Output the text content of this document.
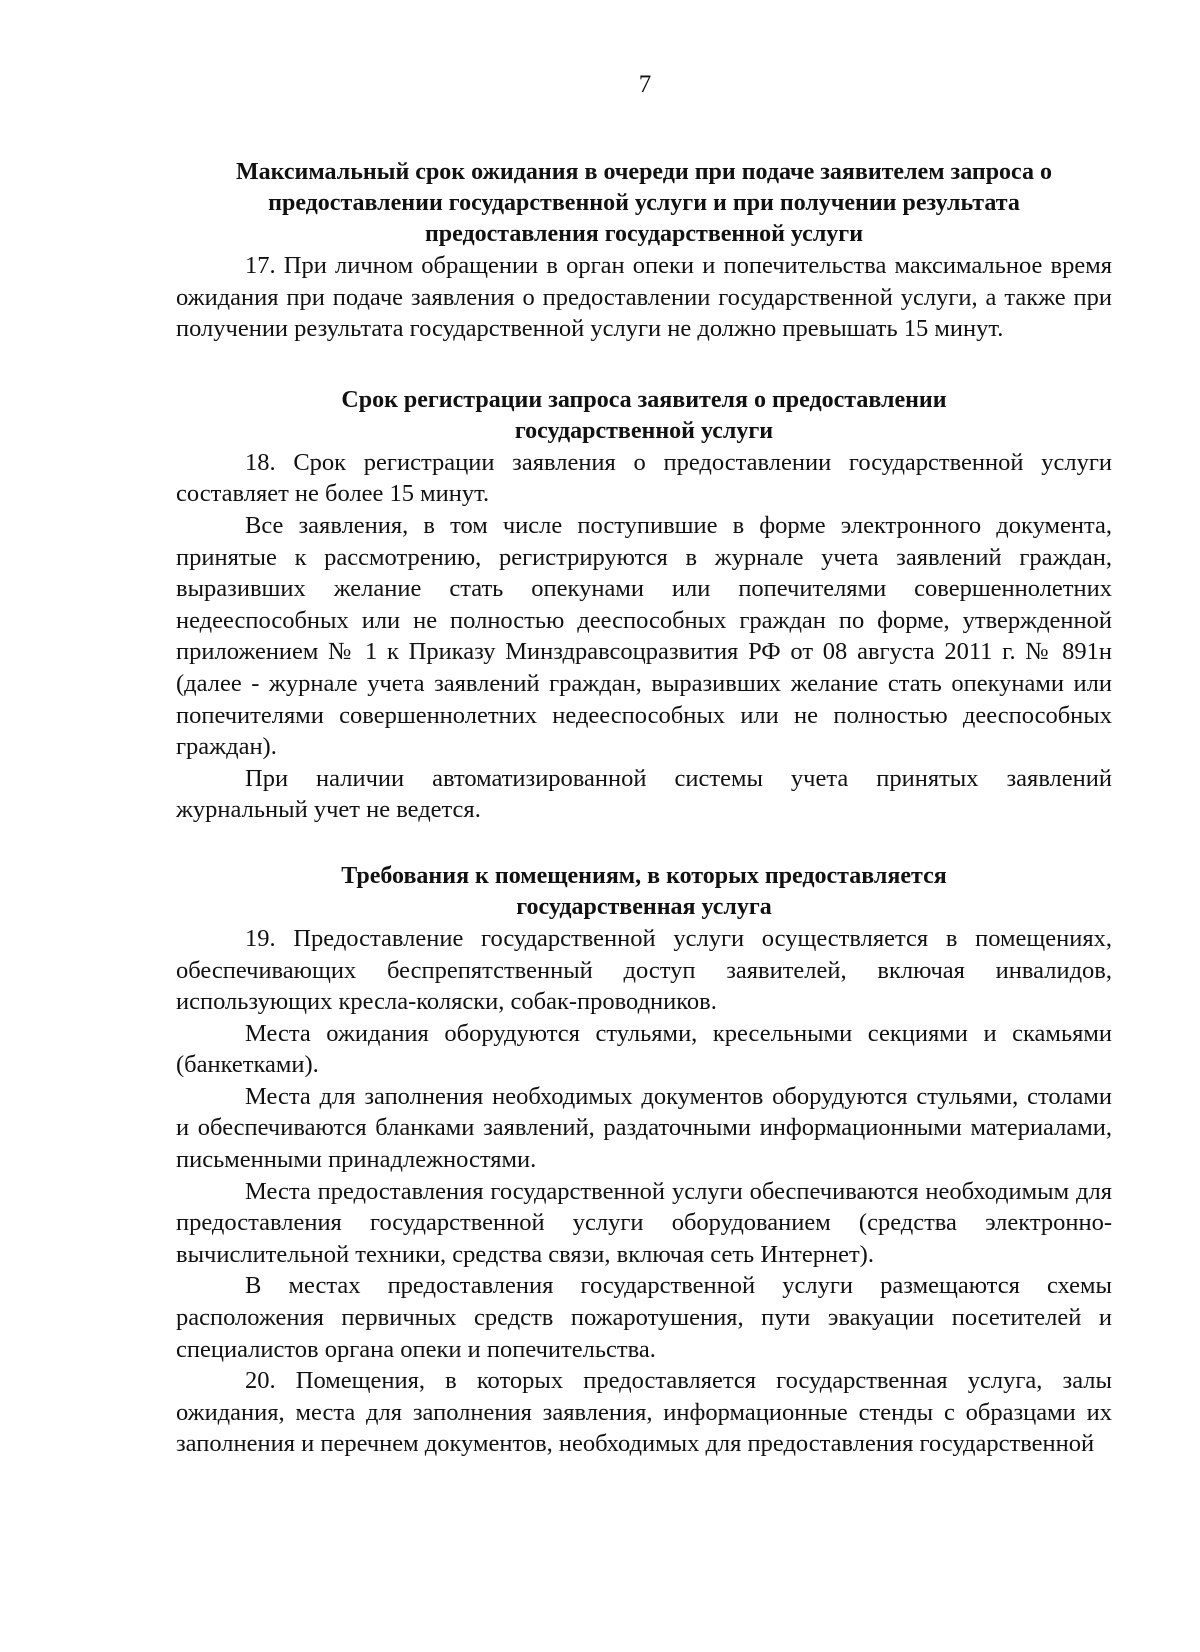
7
Максимальный срок ожидания в очереди при подаче заявителем запроса о
предоставлении государственной услуги и при получении результата
предоставления государственной услуги

17. При личном обращении в орган опеки и попечительства максимальное время ожидания при подаче заявления о предоставлении государственной услуги, а также при получении результата государственной услуги не должно превышать 15 минут.

Срок регистрации запроса заявителя о предоставлении
государственной услуги

18. Срок регистрации заявления о предоставлении государственной услуги составляет не более 15 минут.

Все заявления, в том числе поступившие в форме электронного документа, принятые к рассмотрению, регистрируются в журнале учета заявлений граждан, выразивших желание стать опекунами или попечителями совершеннолетних недееспособных или не полностью дееспособных граждан по форме, утвержденной приложением № 1 к Приказу Минздравсоцразвития РФ от 08 августа 2011 г. № 891н (далее - журнале учета заявлений граждан, выразивших желание стать опекунами или попечителями совершеннолетних недееспособных или не полностью дееспособных граждан).

При наличии автоматизированной системы учета принятых заявлений журнальный учет не ведется.

Требования к помещениям, в которых предоставляется
государственная услуга

19. Предоставление государственной услуги осуществляется в помещениях, обеспечивающих беспрепятственный доступ заявителей, включая инвалидов, использующих кресла-коляски, собак-проводников.

Места ожидания оборудуются стульями, кресельными секциями и скамьями (банкетками).

Места для заполнения необходимых документов оборудуются стульями, столами и обеспечиваются бланками заявлений, раздаточными информационными материалами, письменными принадлежностями.

Места предоставления государственной услуги обеспечиваются необходимым для предоставления государственной услуги оборудованием (средства электронно-вычислительной техники, средства связи, включая сеть Интернет).

В местах предоставления государственной услуги размещаются схемы расположения первичных средств пожаротушения, пути эвакуации посетителей и специалистов органа опеки и попечительства.

20. Помещения, в которых предоставляется государственная услуга, залы ожидания, места для заполнения заявления, информационные стенды с образцами их заполнения и перечнем документов, необходимых для предоставления государственной
